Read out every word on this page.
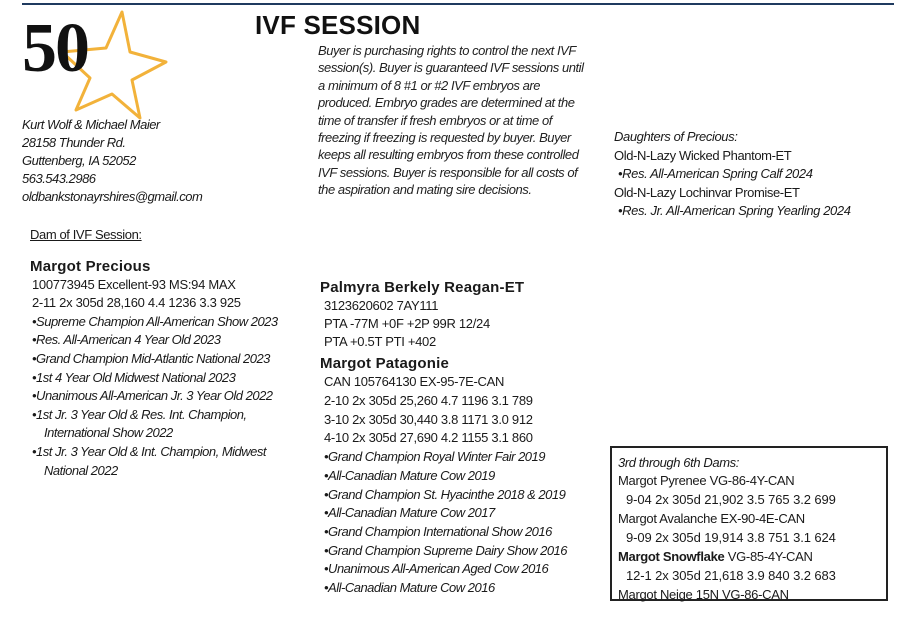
50	IVF SESSION
Buyer is purchasing rights to control the next IVF session(s). Buyer is guaranteed IVF sessions until a minimum of 8 #1 or #2 IVF embryos are produced. Embryo grades are determined at the time of transfer if fresh embryos or at time of freezing if freezing is requested by buyer. Buyer keeps all resulting embryos from these controlled IVF sessions. Buyer is responsible for all costs of the aspiration and mating sire decisions.
Kurt Wolf & Michael Maier
28158 Thunder Rd.
Guttenberg, IA 52052
563.543.2986
oldbankstonayrshires@gmail.com
Daughters of Precious:
Old-N-Lazy Wicked Phantom-ET
•Res. All-American Spring Calf 2024
Old-N-Lazy Lochinvar Promise-ET
•Res. Jr. All-American Spring Yearling 2024
Dam of IVF Session:
Margot Precious
100773945 Excellent-93 MS:94 MAX
2-11 2x 305d 28,160 4.4 1236 3.3 925
•Supreme Champion All-American Show 2023
•Res. All-American 4 Year Old 2023
•Grand Champion Mid-Atlantic National 2023
•1st 4 Year Old Midwest National 2023
•Unanimous All-American Jr. 3 Year Old 2022
•1st Jr. 3 Year Old & Res. Int. Champion,
International Show 2022
•1st Jr. 3 Year Old & Int. Champion, Midwest
National 2022
Palmyra Berkely Reagan-ET
3123620602 7AY111
PTA -77M +0F +2P 99R 12/24
PTA +0.5T PTI +402
Margot Patagonie
CAN 105764130 EX-95-7E-CAN
2-10 2x 305d 25,260 4.7 1196 3.1 789
3-10 2x 305d 30,440 3.8 1171 3.0 912
4-10 2x 305d 27,690 4.2 1155 3.1 860
•Grand Champion Royal Winter Fair 2019
•All-Canadian Mature Cow 2019
•Grand Champion St. Hyacinthe 2018 & 2019
•All-Canadian Mature Cow 2017
•Grand Champion International Show 2016
•Grand Champion Supreme Dairy Show 2016
•Unanimous All-American Aged Cow 2016
•All-Canadian Mature Cow 2016
3rd through 6th Dams:
Margot Pyrenee VG-86-4Y-CAN
9-04 2x 305d 21,902 3.5 765 3.2 699
Margot Avalanche EX-90-4E-CAN
9-09 2x 305d 19,914 3.8 751 3.1 624
Margot Snowflake VG-85-4Y-CAN
12-1 2x 305d 21,618 3.9 840 3.2 683
Margot Neige 15N VG-86-CAN
